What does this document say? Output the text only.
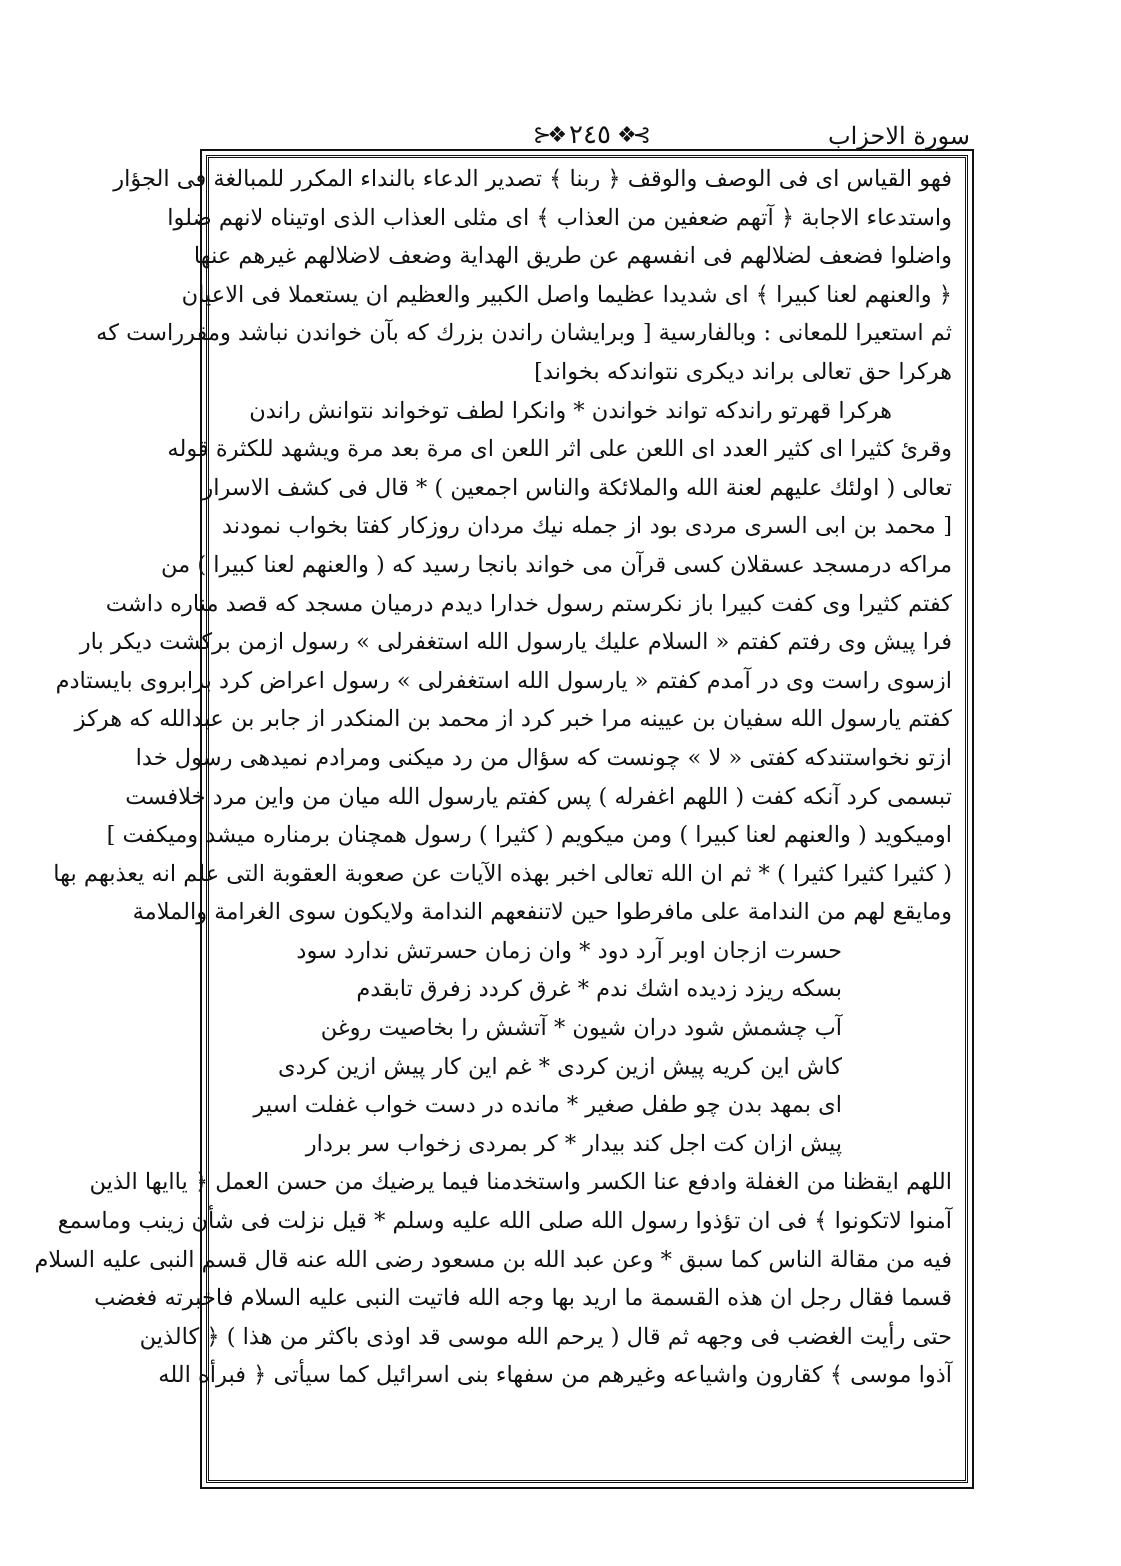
سورة الاحزاب
⊱❖ ٢٤٥ ❖⊰
فهو القياس اى فى الوصف والوقف ﴿ ربنا ﴾ تصدير الدعاء بالنداء المكرر للمبالغة فى الجؤار
واستدعاء الاجابة ﴿ آتهم ضعفين من العذاب ﴾ اى مثلى العذاب الذى اوتيناه لانهم ضلوا
واضلوا فضعف لضلالهم فى انفسهم عن طريق الهداية وضعف لاضلالهم غيرهم عنها
﴿ والعنهم لعنا كبيرا ﴾ اى شديدا عظيما واصل الكبير والعظيم ان يستعملا فى الاعيان
ثم استعيرا للمعانى : وبالفارسية [ وبرايشان راندن بزرك كه بآن خواندن نباشد ومقرراست كه
هركرا حق تعالى براند ديكرى نتواندكه بخواند]
هركرا قهرتو راندكه تواند خواندن * وانكرا لطف توخواند نتوانش راندن
وقرئ كثيرا اى كثير العدد اى اللعن على اثر اللعن اى مرة بعد مرة ويشهد للكثرة قوله
تعالى ( اولئك عليهم لعنة الله والملائكة والناس اجمعين ) * قال فى كشف الاسرار
[ محمد بن ابى السرى مردى بود از جمله نيك مردان روزكار كفتا بخواب نمودند
مراكه درمسجد عسقلان كسى قرآن مى خواند بانجا رسيد كه ( والعنهم لعنا كبيرا ) من
كفتم كثيرا وى كفت كبيرا باز نكرستم رسول خدارا ديدم درميان مسجد كه قصد مناره داشت
فرا پيش وى رفتم كفتم « السلام عليك يارسول الله استغفرلى » رسول ازمن بركشت ديكر بار
ازسوى راست وى در آمدم كفتم « يارسول الله استغفرلى » رسول اعراض كرد برابروى بايستادم
كفتم يارسول الله سفيان بن عيينه مرا خبر كرد از محمد بن المنكدر از جابر بن عبدالله كه هركز
ازتو نخواستندكه كفتى « لا » چونست كه سؤال من رد ميكنى ومرادم نميدهى رسول خدا
تبسمى كرد آنكه كفت ( اللهم اغفرله ) پس كفتم يارسول الله ميان من واين مرد خلافست
اوميكويد ( والعنهم لعنا كبيرا ) ومن ميكويم ( كثيرا ) رسول همچنان برمناره ميشد وميكفت ]
( كثيرا كثيرا كثيرا ) * ثم ان الله تعالى اخبر بهذه الآيات عن صعوبة العقوبة التى علم انه يعذبهم بها
ومايقع لهم من الندامة على مافرطوا حين لاتنفعهم الندامة ولايكون سوى الغرامة والملامة
حسرت ازجان اوبر آرد دود * وان زمان حسرتش ندارد سود
بسكه ريزد زديده اشك ندم * غرق كردد زفرق تابقدم
آب چشمش شود دران شيون * آتشش را بخاصيت روغن
كاش اين كريه پيش ازين كردى * غم اين كار پيش ازين كردى
اى بمهد بدن چو طفل صغير * مانده در دست خواب غفلت اسير
پيش ازان كت اجل كند بيدار * كر بمردى زخواب سر بردار
اللهم ايقظنا من الغفلة وادفع عنا الكسر واستخدمنا فيما يرضيك من حسن العمل ﴿ ياايها الذين
آمنوا لاتكونوا ﴾ فى ان تؤذوا رسول الله صلى الله عليه وسلم * قيل نزلت فى شأن زينب وماسمع
فيه من مقالة الناس كما سبق * وعن عبد الله بن مسعود رضى الله عنه قال قسم النبى عليه السلام
قسما فقال رجل ان هذه القسمة ما اريد بها وجه الله فاتيت النبى عليه السلام فاخبرته فغضب
حتى رأيت الغضب فى وجهه ثم قال ( يرحم الله موسى قد اوذى باكثر من هذا ) ﴿ كالذين
آذوا موسى ﴾ كقارون واشياعه وغيرهم من سفهاء بنى اسرائيل كما سيأتى ﴿ فبرأه الله
